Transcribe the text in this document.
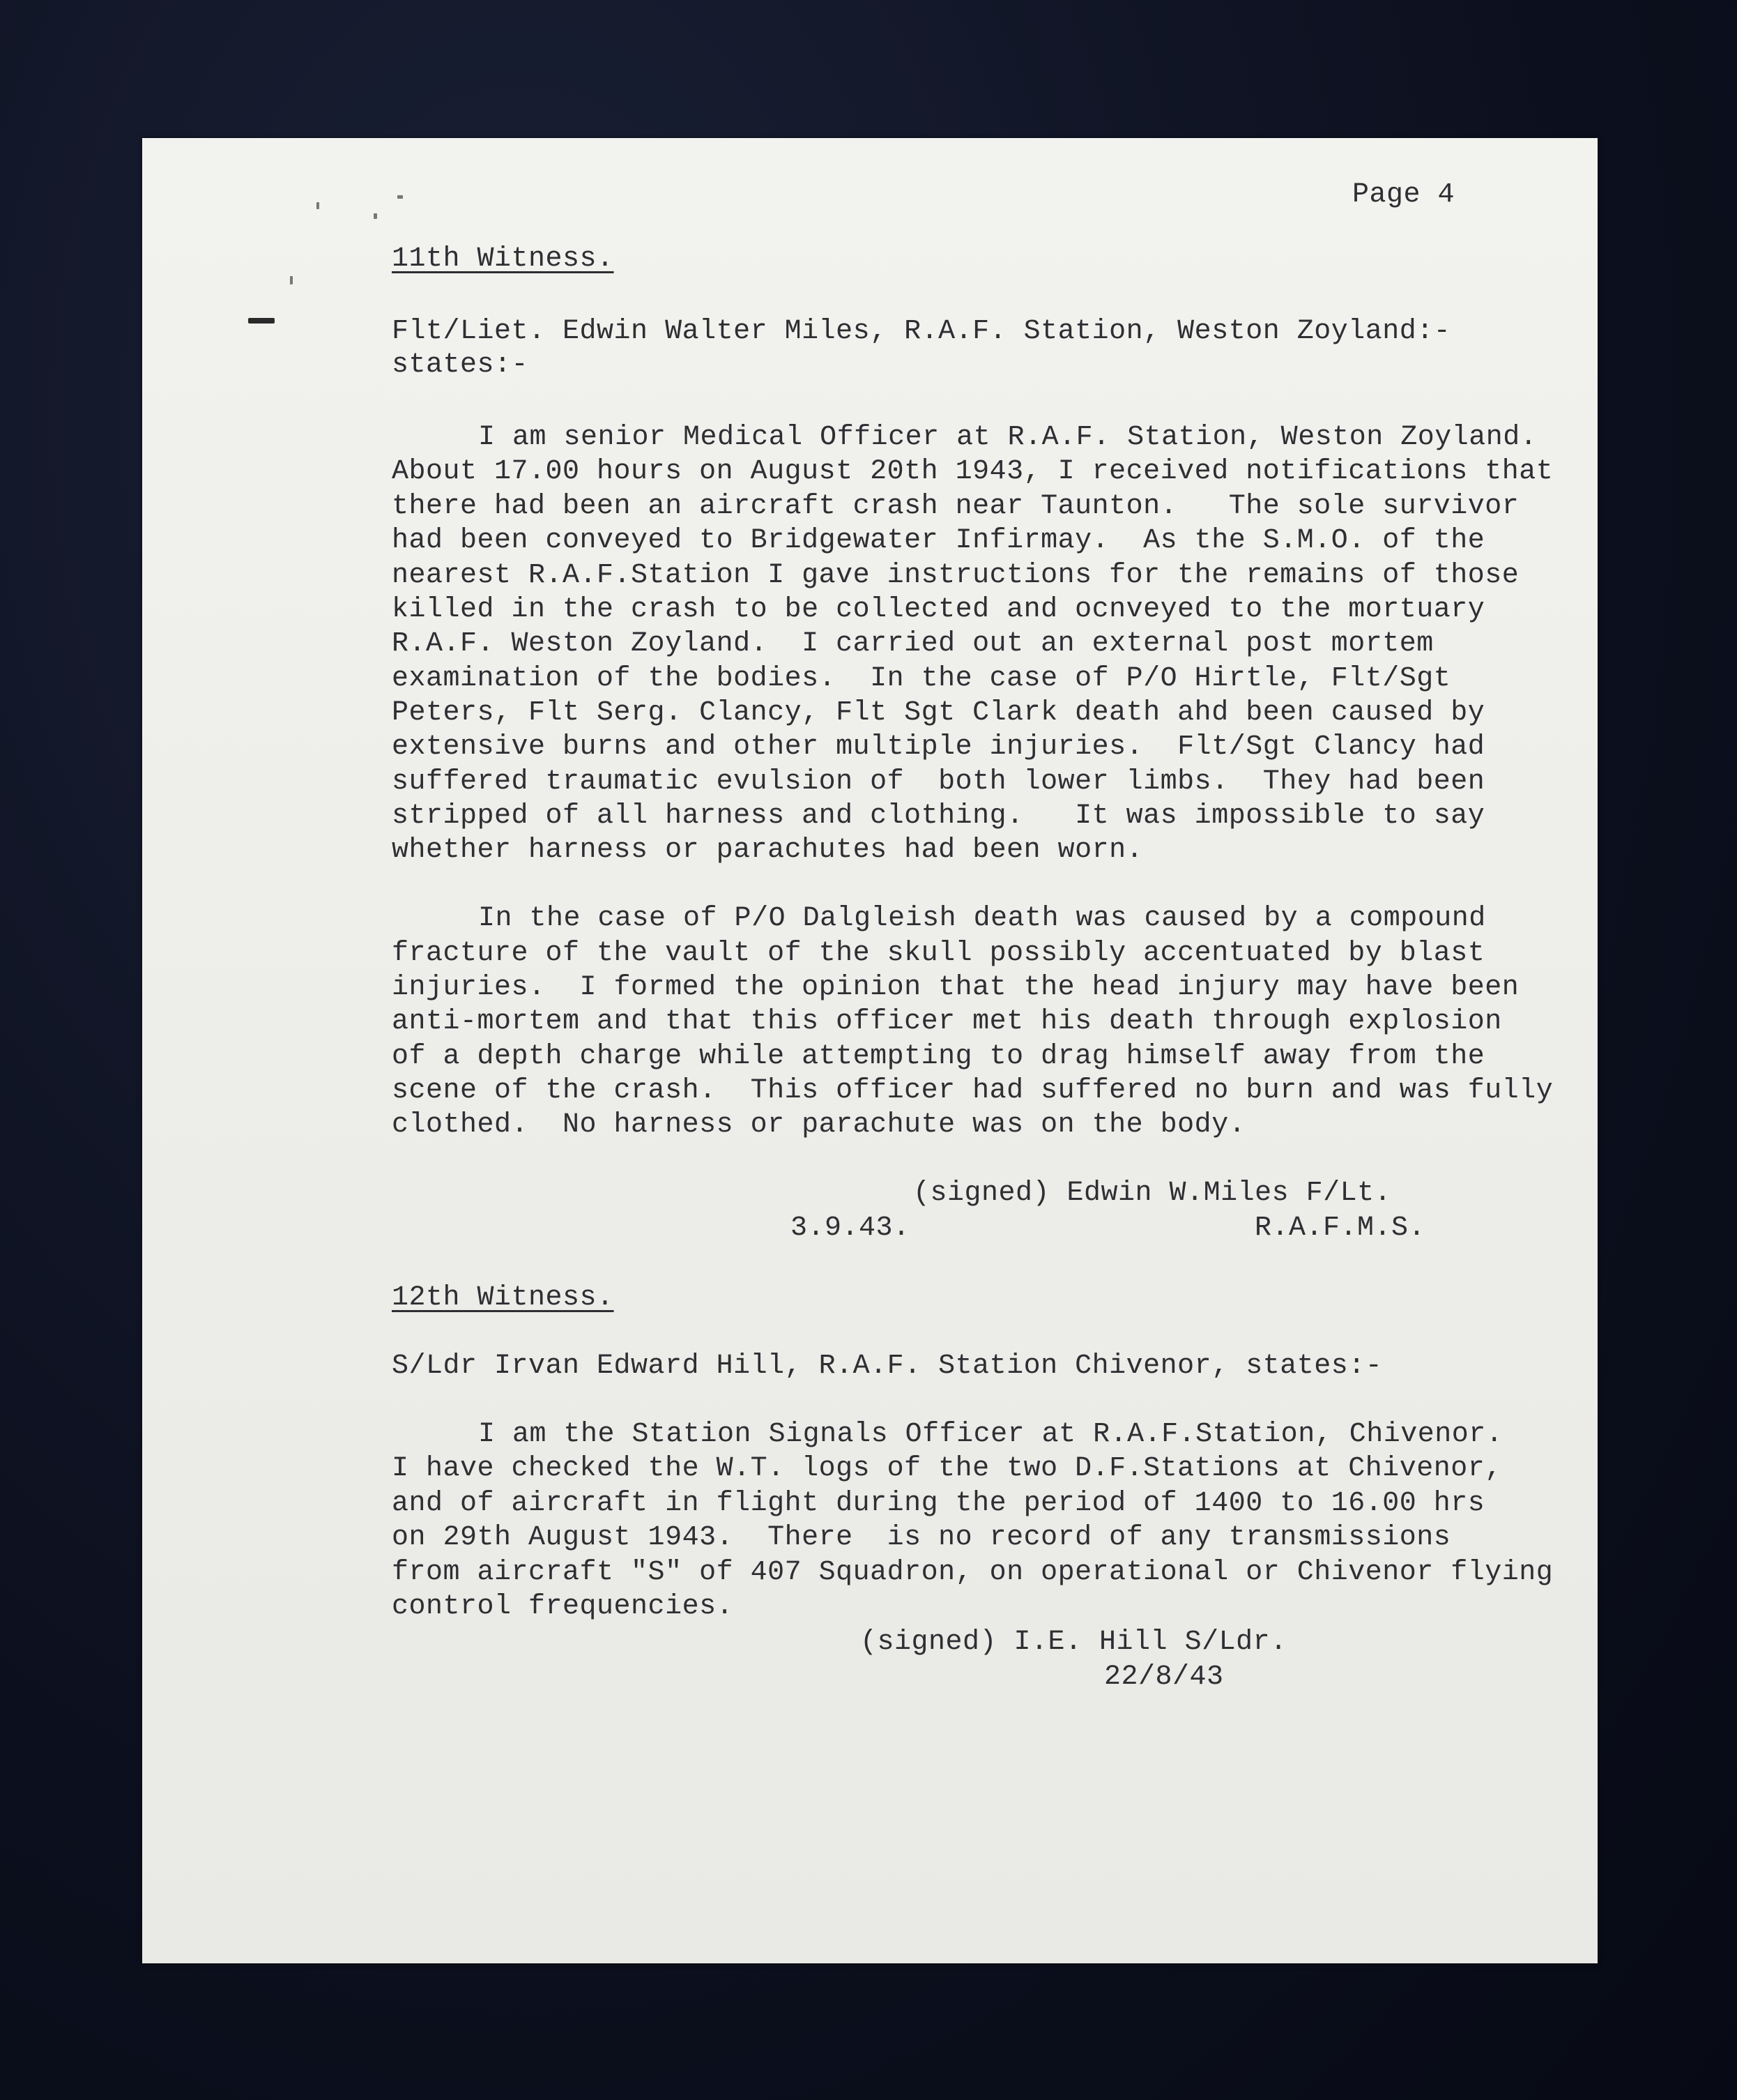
Page 4
11th Witness.
Flt/Liet. Edwin Walter Miles, R.A.F. Station, Weston Zoyland:-
states:-
I am senior Medical Officer at R.A.F. Station, Weston Zoyland.
About 17.00 hours on August 20th 1943, I received notifications that
there had been an aircraft crash near Taunton.   The sole survivor
had been conveyed to Bridgewater Infirmay.  As the S.M.O. of the
nearest R.A.F.Station I gave instructions for the remains of those
killed in the crash to be collected and ocnveyed to the mortuary
R.A.F. Weston Zoyland.  I carried out an external post mortem
examination of the bodies.  In the case of P/O Hirtle, Flt/Sgt
Peters, Flt Serg. Clancy, Flt Sgt Clark death ahd been caused by
extensive burns and other multiple injuries.  Flt/Sgt Clancy had
suffered traumatic evulsion of  both lower limbs.  They had been
stripped of all harness and clothing.   It was impossible to say
whether harness or parachutes had been worn.
In the case of P/O Dalgleish death was caused by a compound
fracture of the vault of the skull possibly accentuated by blast
injuries.  I formed the opinion that the head injury may have been
anti-mortem and that this officer met his death through explosion
of a depth charge while attempting to drag himself away from the
scene of the crash.  This officer had suffered no burn and was fully
clothed.  No harness or parachute was on the body.
(signed) Edwin W.Miles F/Lt.
3.9.43.	R.A.F.M.S.
12th Witness.
S/Ldr Irvan Edward Hill, R.A.F. Station Chivenor, states:-
I am the Station Signals Officer at R.A.F.Station, Chivenor.
I have checked the W.T. logs of the two D.F.Stations at Chivenor,
and of aircraft in flight during the period of 1400 to 16.00 hrs
on 29th August 1943.  There  is no record of any transmissions
from aircraft "S" of 407 Squadron, on operational or Chivenor flying
control frequencies.
(signed) I.E. Hill S/Ldr.
22/8/43
